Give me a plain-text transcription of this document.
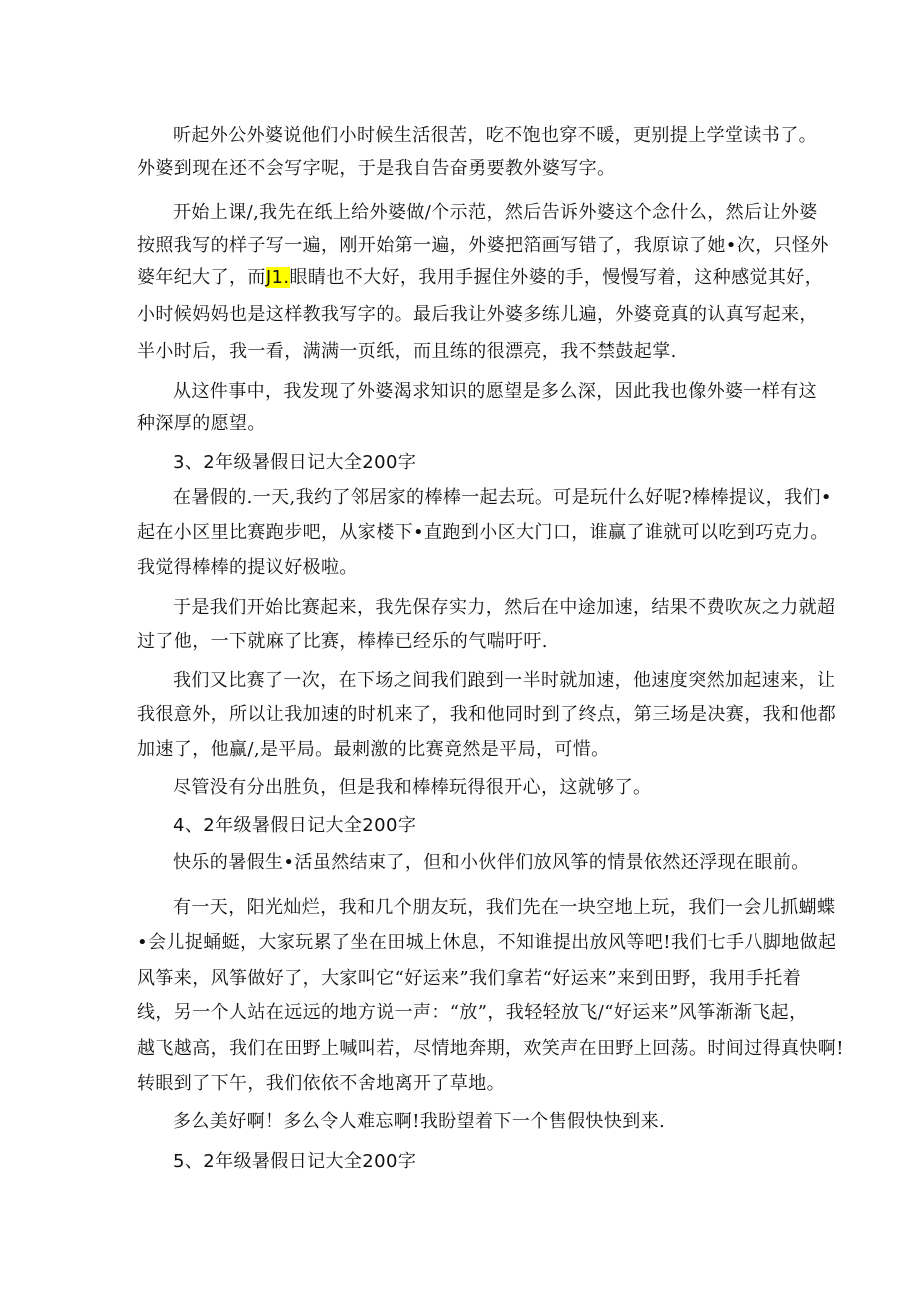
听起外公外婆说他们小时候生活很苦，吃不饱也穿不暖，更别提上学堂读书了。

外婆到现在还不会写字呢，于是我自告奋勇要教外婆写字。

开始上课/,我先在纸上给外婆做/个示范，然后告诉外婆这个念什么，然后让外婆

按照我写的样子写一遍，刚开始第一遍，外婆把箔画写错了，我原谅了她•次，只怪外

婆年纪大了，而J1.眼睛也不大好，我用手握住外婆的手，慢慢写着，这种感觉其好，

小时候妈妈也是这样教我写字的。最后我让外婆多练儿遍，外婆竟真的认真写起来，

半小时后，我一看，满满一页纸，而且练的很漂亮，我不禁鼓起掌.

从这件事中，我发现了外婆渴求知识的愿望是多么深，因此我也像外婆一样有这

种深厚的愿望。

3、2年级暑假日记大全200字

在暑假的.一天,我约了邻居家的棒棒一起去玩。可是玩什么好呢?棒棒提议，我们•

起在小区里比赛跑步吧，从家楼下•直跑到小区大门口，谁赢了谁就可以吃到巧克力。

我觉得棒棒的提议好极啦。

于是我们开始比赛起来，我先保存实力，然后在中途加速，结果不费吹灰之力就超

过了他，一下就麻了比赛，棒棒已经乐的气喘吁吁.

我们又比赛了一次，在下场之间我们踉到一半时就加速，他速度突然加起速来，让

我很意外，所以让我加速的时机来了，我和他同时到了终点，第三场是决赛，我和他都

加速了，他赢/,是平局。最刺激的比赛竟然是平局，可惜。

尽管没有分出胜负，但是我和棒棒玩得很开心，这就够了。

4、2年级暑假日记大全200字

快乐的暑假生•活虽然结束了，但和小伙伴们放风筝的情景依然还浮现在眼前。

有一天，阳光灿烂，我和几个朋友玩，我们先在一块空地上玩，我们一会儿抓蝴蝶

•会儿捉蛹蜓，大家玩累了坐在田城上休息，不知谁提出放风等吧!我们七手八脚地做起

风筝来，风筝做好了，大家叫它“好运来”我们拿若“好运来”来到田野，我用手托着

线，另一个人站在远远的地方说一声：“放”，我轻轻放飞/“好运来”风筝渐渐飞起，

越飞越高，我们在田野上喊叫若，尽情地奔期，欢笑声在田野上回荡。时间过得真快啊!

转眼到了下午，我们依依不舍地离开了草地。

多么美好啊！多么令人难忘啊!我盼望着下一个售假快快到来.

5、2年级暑假日记大全200字
